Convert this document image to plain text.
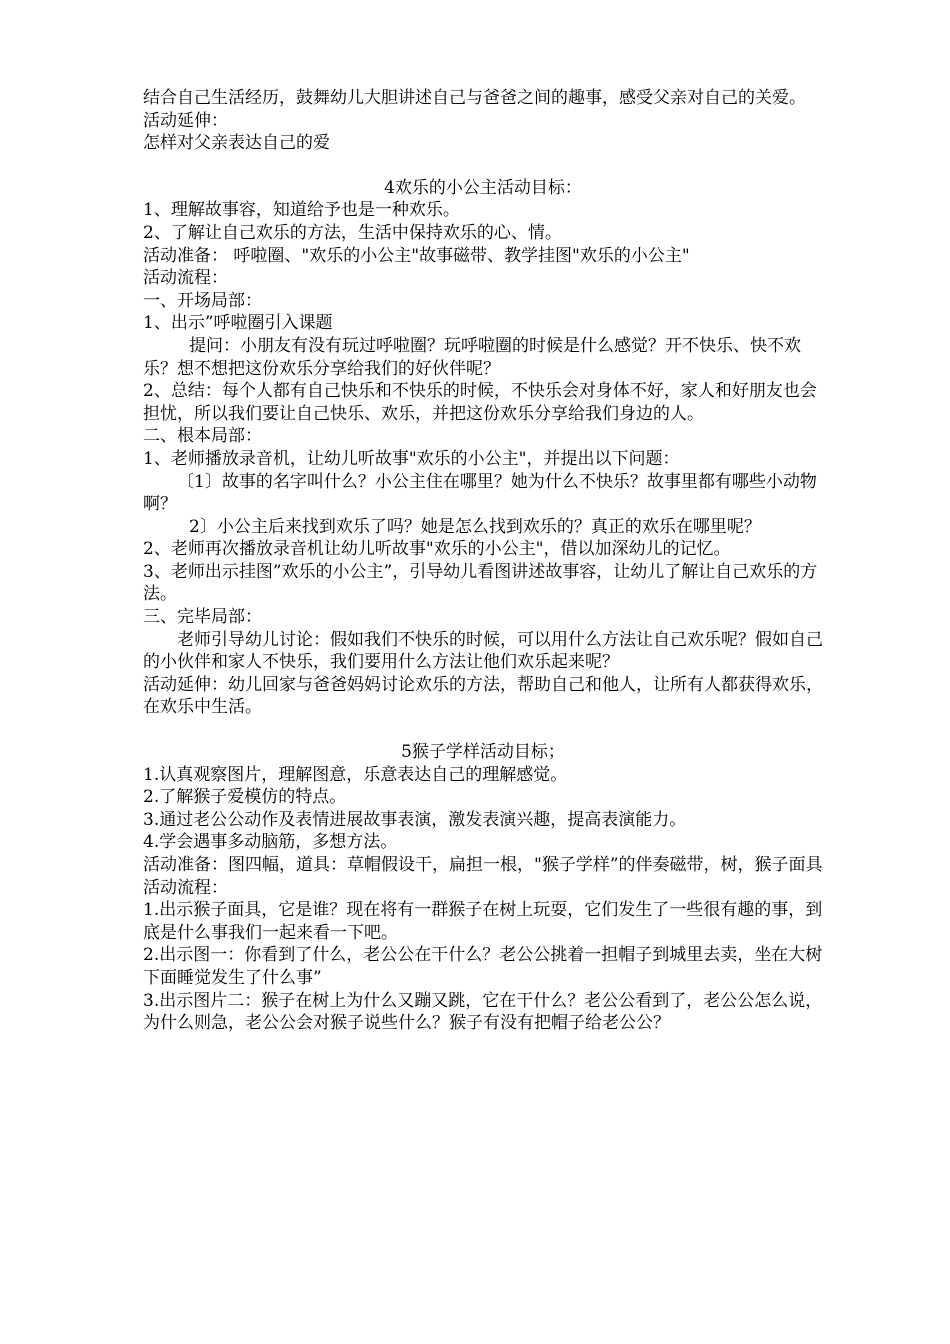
结合自己生活经历，鼓舞幼儿大胆讲述自己与爸爸之间的趣事，感受父亲对自己的关爱。

活动延伸：

怎样对父亲表达自己的爱

4欢乐的小公主活动目标：

1、理解故事容，知道给予也是一种欢乐。

2、了解让自己欢乐的方法，生活中保持欢乐的心、情。

活动准备： 呼啦圈、"欢乐的小公主"故事磁带、教学挂图"欢乐的小公主"

活动流程：

一、开场局部：

1、出示”呼啦圈引入课题

提问：小朋友有没有玩过呼啦圈？玩呼啦圈的时候是什么感觉？开不快乐、快不欢乐？想不想把这份欢乐分享给我们的好伙伴呢？

2、总结：每个人都有自己快乐和不快乐的时候，不快乐会对身体不好，家人和好朋友也会担忧，所以我们要让自己快乐、欢乐，并把这份欢乐分享给我们身边的人。

二、根本局部：

1、老师播放录音机，让幼儿听故事"欢乐的小公主"，并提出以下问题：

〔1〕故事的名字叫什么？小公主住在哪里？她为什么不快乐？故事里都有哪些小动物啊？

2〕小公主后来找到欢乐了吗？她是怎么找到欢乐的？真正的欢乐在哪里呢？

2、老师再次播放录音机让幼儿听故事"欢乐的小公主"，借以加深幼儿的记忆。

3、老师出示挂图”欢乐的小公主”，引导幼儿看图讲述故事容，让幼儿了解让自己欢乐的方法。

三、完毕局部：

老师引导幼儿讨论：假如我们不快乐的时候，可以用什么方法让自己欢乐呢？假如自己的小伙伴和家人不快乐，我们要用什么方法让他们欢乐起来呢？

活动延伸：幼儿回家与爸爸妈妈讨论欢乐的方法，帮助自己和他人，让所有人都获得欢乐，在欢乐中生活。

5猴子学样活动目标；

1.认真观察图片，理解图意，乐意表达自己的理解感觉。

2.了解猴子爱模仿的特点。

3.通过老公公动作及表情进展故事表演，激发表演兴趣，提高表演能力。

4.学会遇事多动脑筋，多想方法。

活动准备：图四幅，道具：草帽假设干，扁担一根，"猴子学样”的伴奏磁带，树，猴子面具

活动流程：

1.出示猴子面具，它是谁？现在将有一群猴子在树上玩耍，它们发生了一些很有趣的事，到底是什么事我们一起来看一下吧。

2.出示图一：你看到了什么，老公公在干什么？老公公挑着一担帽子到城里去卖，坐在大树下面睡觉发生了什么事”

3.出示图片二：猴子在树上为什么又蹦又跳，它在干什么？老公公看到了，老公公怎么说，为什么则急，老公公会对猴子说些什么？猴子有没有把帽子给老公公？
